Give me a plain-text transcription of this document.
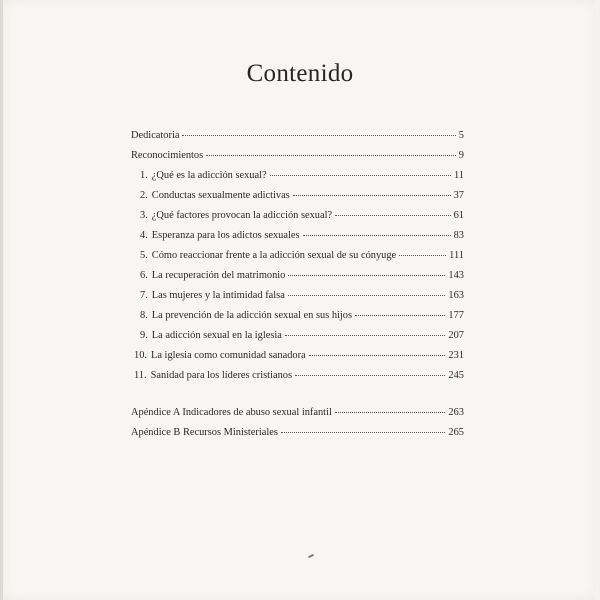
Contenido
Dedicatoria	5
Reconocimientos	9
1. ¿Qué es la adicción sexual?	11
2. Conductas sexualmente adictivas	37
3. ¿Qué factores provocan la adicción sexual?	61
4. Esperanza para los adictos sexuales	83
5. Cómo reaccionar frente a la adicción sexual de su cónyuge	111
6. La recuperación del matrimonio	143
7. Las mujeres y la intimidad falsa	163
8. La prevención de la adicción sexual en sus hijos	177
9. La adicción sexual en la iglesia	207
10. La iglesia como comunidad sanadora	231
11. Sanidad para los líderes cristianos	245
Apéndice A Indicadores de abuso sexual infantil	263
Apéndice B Recursos Ministeriales	265
